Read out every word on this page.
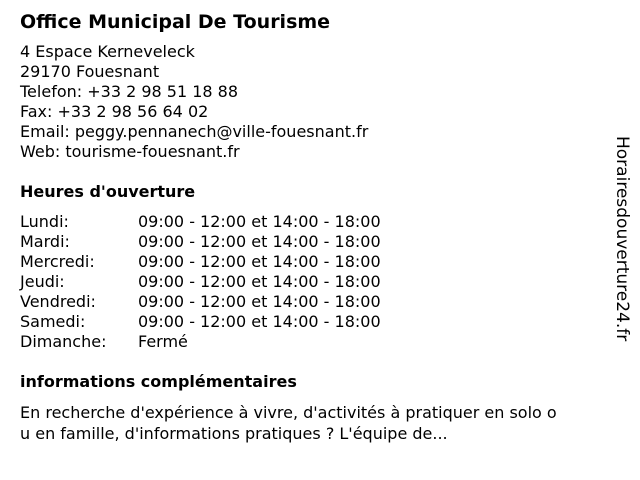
Office Municipal De Tourisme
4 Espace Kerneveleck
29170 Fouesnant
Telefon: +33 2 98 51 18 88
Fax: +33 2 98 56 64 02
Email: peggy.pennanech@ville-fouesnant.fr
Web: tourisme-fouesnant.fr
Heures d'ouverture
Lundi:	09:00 - 12:00 et 14:00 - 18:00
Mardi:	09:00 - 12:00 et 14:00 - 18:00
Mercredi:	09:00 - 12:00 et 14:00 - 18:00
Jeudi:	09:00 - 12:00 et 14:00 - 18:00
Vendredi:	09:00 - 12:00 et 14:00 - 18:00
Samedi:	09:00 - 12:00 et 14:00 - 18:00
Dimanche:	Fermé
informations complémentaires
En recherche d'expérience à vivre, d'activités à pratiquer en solo ou en famille, d'informations pratiques ? L'équipe de...
Horairesdouverture24.fr
